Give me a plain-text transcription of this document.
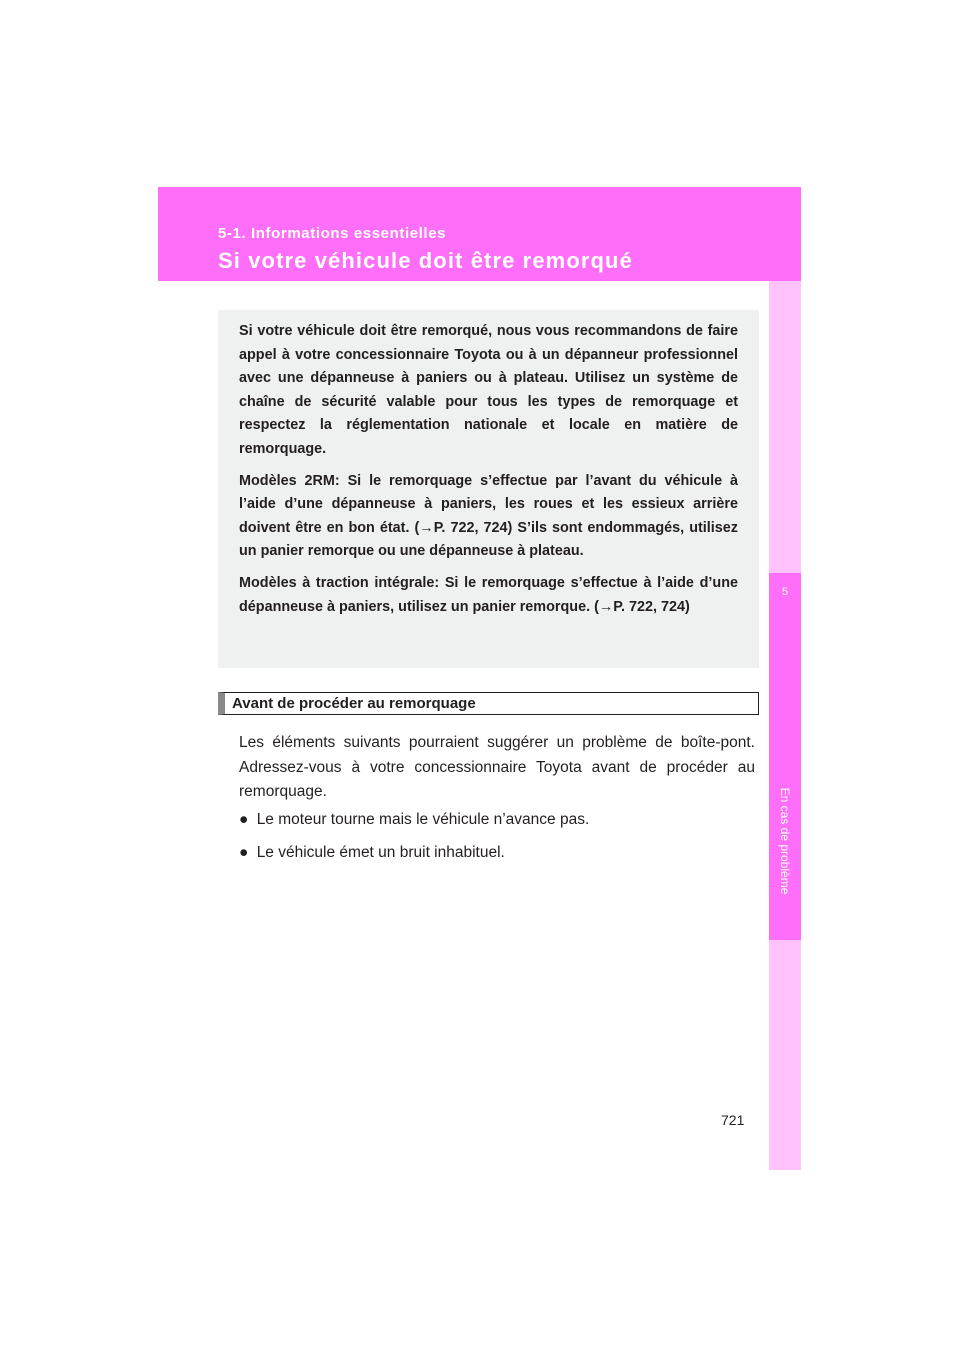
5-1. Informations essentielles
Si votre véhicule doit être remorqué
5
En cas de problème

Si votre véhicule doit être remorqué, nous vous recommandons de faire appel à votre concessionnaire Toyota ou à un dépanneur professionnel avec une dépanneuse à paniers ou à plateau. Utilisez un système de chaîne de sécurité valable pour tous les types de remorquage et respectez la réglementation nationale et locale en matière de remorquage.

Modèles 2RM: Si le remorquage s’effectue par l’avant du véhicule à l’aide d’une dépanneuse à paniers, les roues et les essieux arrière doivent être en bon état. (→P. 722, 724) S’ils sont endommagés, utilisez un panier remorque ou une dépanneuse à plateau.

Modèles à traction intégrale: Si le remorquage s’effectue à l’aide d’une dépanneuse à paniers, utilisez un panier remorque. (→P. 722, 724)

Avant de procéder au remorquage

Les éléments suivants pourraient suggérer un problème de boîte-pont. Adressez-vous à votre concessionnaire Toyota avant de procéder au remorquage.

● Le moteur tourne mais le véhicule n’avance pas.
● Le véhicule émet un bruit inhabituel.
721
